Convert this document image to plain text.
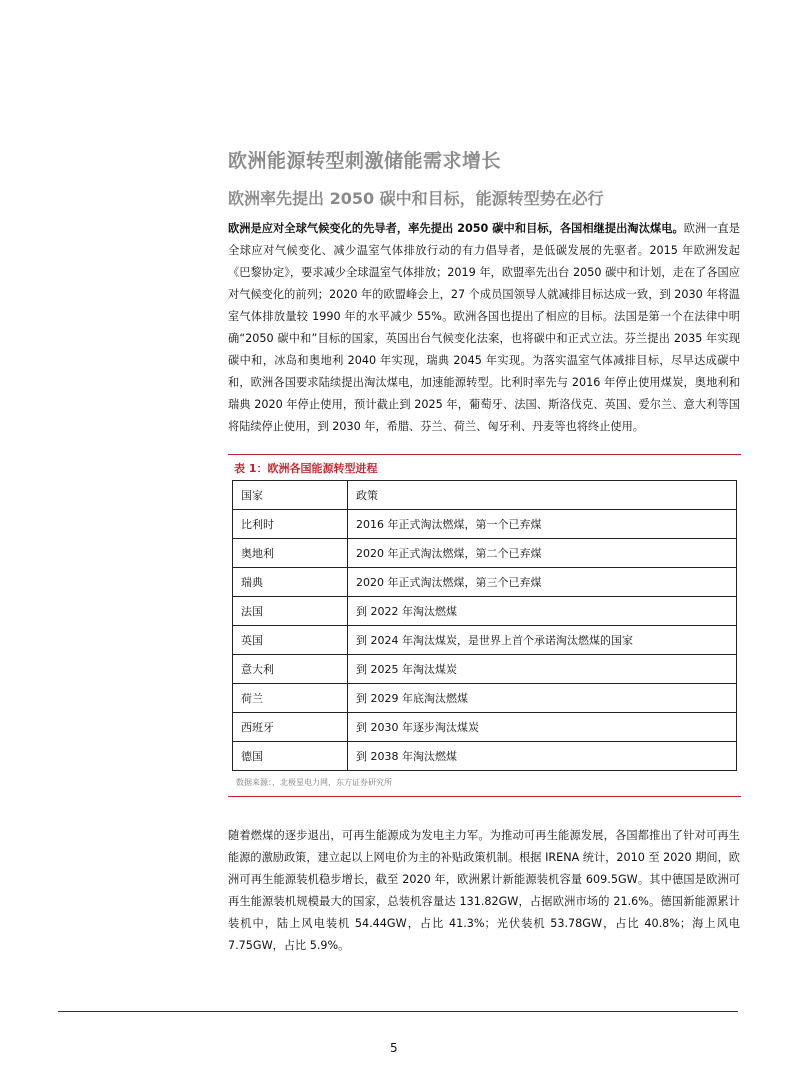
欧洲能源转型刺激储能需求增长
欧洲率先提出 2050 碳中和目标，能源转型势在必行

欧洲是应对全球气候变化的先导者，率先提出 2050 碳中和目标，各国相继提出淘汰煤电。欧洲一直是全球应对气候变化、减少温室气体排放行动的有力倡导者，是低碳发展的先驱者。2015 年欧洲发起《巴黎协定》，要求减少全球温室气体排放；2019 年，欧盟率先出台 2050 碳中和计划，走在了各国应对气候变化的前列；2020 年的欧盟峰会上，27 个成员国领导人就减排目标达成一致，到 2030 年将温室气体排放量较 1990 年的水平减少 55%。欧洲各国也提出了相应的目标。法国是第一个在法律中明确“2050 碳中和”目标的国家，英国出台气候变化法案，也将碳中和正式立法。芬兰提出 2035 年实现碳中和，冰岛和奥地利 2040 年实现，瑞典 2045 年实现。为落实温室气体减排目标，尽早达成碳中和，欧洲各国要求陆续提出淘汰煤电，加速能源转型。比利时率先与 2016 年停止使用煤炭，奥地利和瑞典 2020 年停止使用，预计截止到 2025 年，葡萄牙、法国、斯洛伐克、英国、爱尔兰、意大利等国将陆续停止使用，到 2030 年，希腊、芬兰、荷兰、匈牙利、丹麦等也将终止使用。

表 1：欧洲各国能源转型进程
国家	政策
比利时	2016 年正式淘汰燃煤，第一个已弃煤
奥地利	2020 年正式淘汰燃煤，第二个已弃煤
瑞典	2020 年正式淘汰燃煤，第三个已弃煤
法国	到 2022 年淘汰燃煤
英国	到 2024 年淘汰煤炭，是世界上首个承诺淘汰燃煤的国家
意大利	到 2025 年淘汰煤炭
荷兰	到 2029 年底淘汰燃煤
西班牙	到 2030 年逐步淘汰煤炭
德国	到 2038 年淘汰燃煤
数据来源：，北极星电力网，东方证券研究所

随着燃煤的逐步退出，可再生能源成为发电主力军。为推动可再生能源发展，各国都推出了针对可再生能源的激励政策，建立起以上网电价为主的补贴政策机制。根据 IRENA 统计，2010 至 2020 期间，欧洲可再生能源装机稳步增长，截至 2020 年，欧洲累计新能源装机容量 609.5GW。其中德国是欧洲可再生能源装机规模最大的国家，总装机容量达 131.82GW，占据欧洲市场的 21.6%。德国新能源累计装机中，陆上风电装机 54.44GW，占比 41.3%；光伏装机 53.78GW，占比 40.8%；海上风电 7.75GW，占比 5.9%。

5
